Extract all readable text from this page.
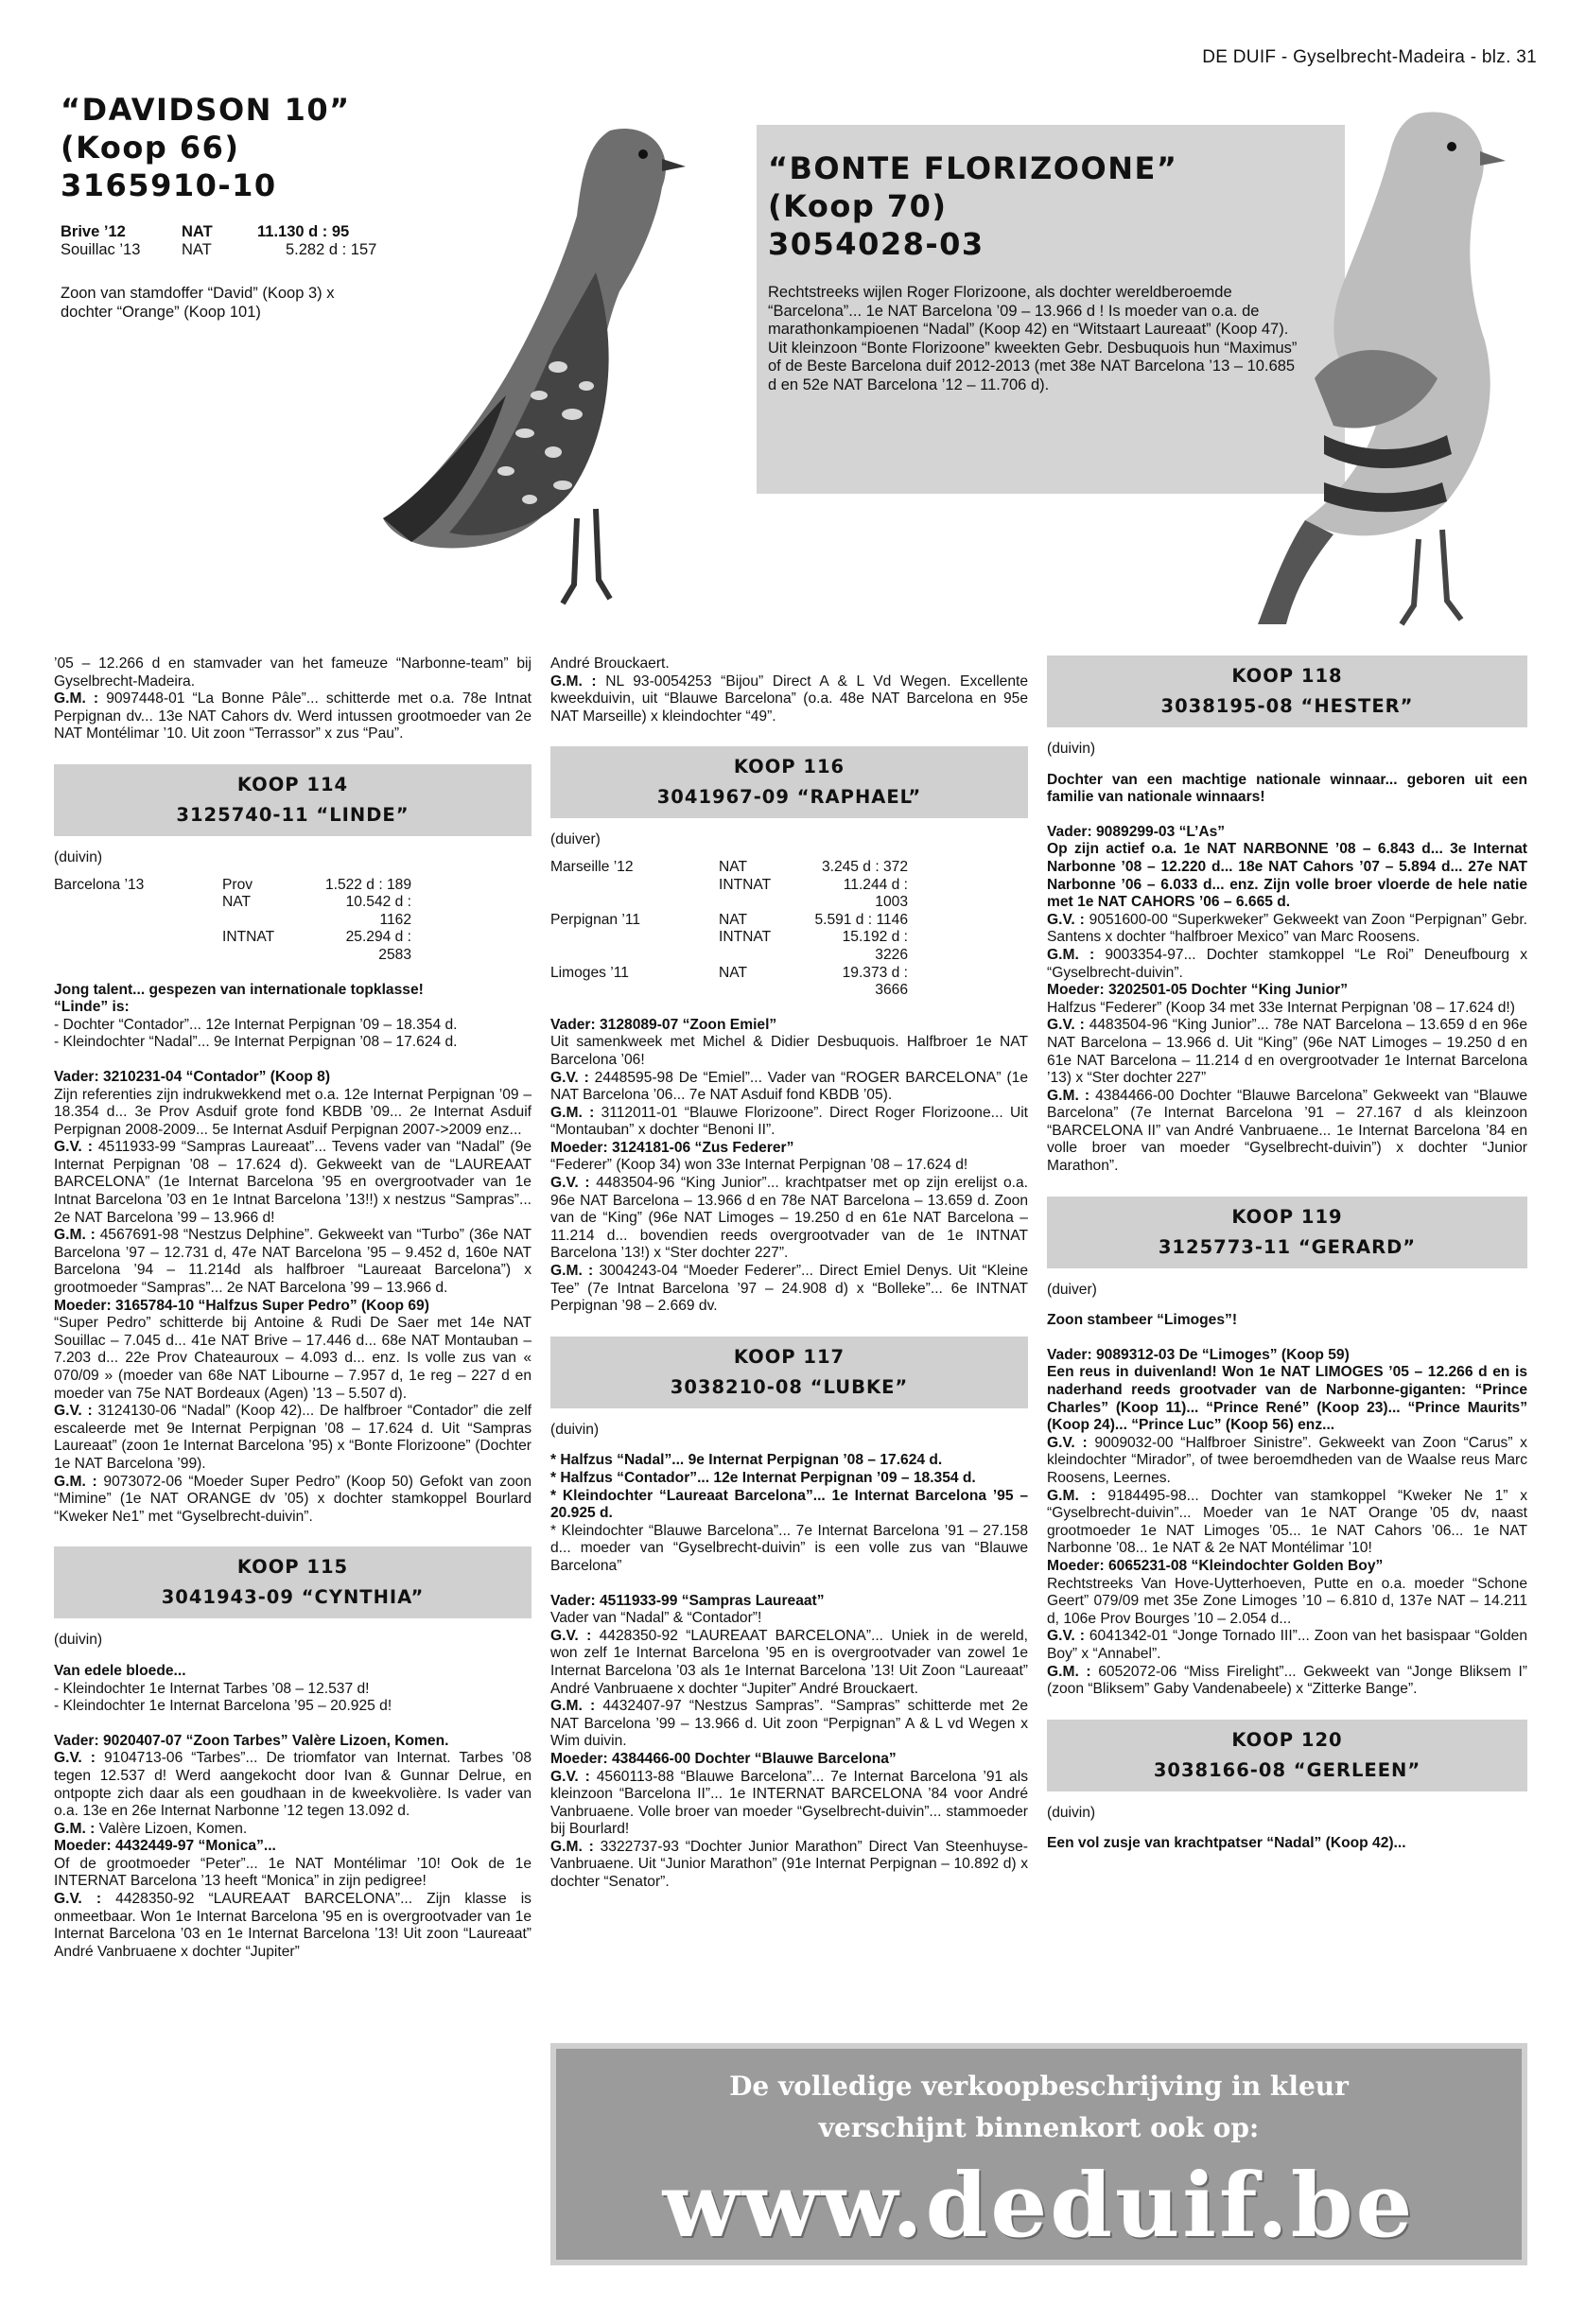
DE DUIF - Gyselbrecht-Madeira - blz. 31
“DAVIDSON 10”
(Koop 66)
3165910-10
Brive ’12	NAT	11.130 d : 95
Souillac ’13	NAT	5.282 d : 157
Zoon van stamdoffer “David” (Koop 3) x dochter “Orange” (Koop 101)
“BONTE FLORIZOONE”
(Koop 70)
3054028-03
Rechtstreeks wijlen Roger Florizoone, als dochter wereldberoemde “Barcelona”... 1e NAT Barcelona ’09 – 13.966 d ! Is moeder van o.a. de marathonkampioenen “Nadal” (Koop 42) en “Witstaart Laureaat” (Koop 47). Uit kleinzoon “Bonte Florizoone” kweekten Gebr. Desbuquois hun “Maximus” of de Beste Barcelona duif 2012-2013 (met 38e NAT Barcelona ’13 – 10.685 d en 52e NAT Barcelona ’12 – 11.706 d).

’05 – 12.266 d en stamvader van het fameuze “Narbonne-team” bij Gyselbrecht-Madeira.

G.M. : 9097448-01 “La Bonne Pâle”... schitterde met o.a. 78e Intnat Perpignan dv... 13e NAT Cahors dv. Werd intussen grootmoeder van 2e NAT Montélimar ’10. Uit zoon “Terrassor” x zus “Pau”.

KOOP 114
3125740-11 “LINDE”
(duivin)
Barcelona ’13	Prov	1.522 d : 189
	NAT	10.542 d : 1162
	INTNAT	25.294 d : 2583

Jong talent... gespezen van internationale topklasse!

“Linde” is:

- Dochter “Contador”... 12e Internat Perpignan ’09 – 18.354 d.

- Kleindochter “Nadal”... 9e Internat Perpignan ’08 – 17.624 d.

Vader: 3210231-04 “Contador” (Koop 8)

Zijn referenties zijn indrukwekkend met o.a. 12e Internat Perpignan ’09 – 18.354 d... 3e Prov Asduif grote fond KBDB ’09... 2e Internat Asduif Perpignan 2008-2009... 5e Internat Asduif Perpignan 2007->2009 enz...

G.V. : 4511933-99 “Sampras Laureaat”... Tevens vader van “Nadal” (9e Internat Perpignan ’08 – 17.624 d). Gekweekt van de “LAUREAAT BARCELONA” (1e Internat Barcelona ’95 en overgrootvader van 1e Intnat Barcelona ’03 en 1e Intnat Barcelona ’13!!) x nestzus “Sampras”... 2e NAT Barcelona ’99 – 13.966 d!

G.M. : 4567691-98 “Nestzus Delphine”. Gekweekt van “Turbo” (36e NAT Barcelona ’97 – 12.731 d, 47e NAT Barcelona ’95 – 9.452 d, 160e NAT Barcelona ’94 – 11.214d als halfbroer “Laureaat Barcelona”) x grootmoeder “Sampras”... 2e NAT Barcelona ’99 – 13.966 d.

Moeder: 3165784-10 “Halfzus Super Pedro” (Koop 69)

“Super Pedro” schitterde bij Antoine & Rudi De Saer met 14e NAT Souillac – 7.045 d... 41e NAT Brive – 17.446 d... 68e NAT Montauban – 7.203 d... 22e Prov Chateauroux – 4.093 d... enz. Is volle zus van « 070/09 » (moeder van 68e NAT Libourne – 7.957 d, 1e reg – 227 d en moeder van 75e NAT Bordeaux (Agen) ’13 – 5.507 d).

G.V. : 3124130-06 “Nadal” (Koop 42)... De halfbroer “Contador” die zelf escaleerde met 9e Internat Perpignan ’08 – 17.624 d. Uit “Sampras Laureaat” (zoon 1e Internat Barcelona ’95) x “Bonte Florizoone” (Dochter 1e NAT Barcelona ’99).

G.M. : 9073072-06 “Moeder Super Pedro” (Koop 50) Gefokt van zoon “Mimine” (1e NAT ORANGE dv ’05) x dochter stamkoppel Bourlard “Kweker Ne1” met “Gyselbrecht-duivin”.

KOOP 115
3041943-09 “CYNTHIA”
(duivin)

Van edele bloede...

- Kleindochter 1e Internat Tarbes ’08 – 12.537 d!

- Kleindochter 1e Internat Barcelona ’95 – 20.925 d!

Vader: 9020407-07 “Zoon Tarbes” Valère Lizoen, Komen.

G.V. : 9104713-06 “Tarbes”... De triomfator van Internat. Tarbes ’08 tegen 12.537 d! Werd aangekocht door Ivan & Gunnar Delrue, en ontpopte zich daar als een goudhaan in de kweekvolière. Is vader van o.a. 13e en 26e Internat Narbonne ’12 tegen 13.092 d.

G.M. : Valère Lizoen, Komen.

Moeder: 4432449-97 “Monica”...

Of de grootmoeder “Peter”... 1e NAT Montélimar ’10! Ook de 1e INTERNAT Barcelona ’13 heeft “Monica” in zijn pedigree!

G.V. : 4428350-92 “LAUREAAT BARCELONA”... Zijn klasse is onmeetbaar. Won 1e Internat Barcelona ’95 en is overgrootvader van 1e Internat Barcelona ’03 en 1e Internat Barcelona ’13! Uit zoon “Laureaat” André Vanbruaene x dochter “Jupiter”

André Brouckaert.

G.M. : NL 93-0054253 “Bijou” Direct A & L Vd Wegen. Excellente kweekduivin, uit “Blauwe Barcelona” (o.a. 48e NAT Barcelona en 95e NAT Marseille) x kleindochter “49”.

KOOP 116
3041967-09 “RAPHAEL”
(duiver)
Marseille ’12	NAT	3.245 d : 372
	INTNAT	11.244 d : 1003
Perpignan ’11	NAT	5.591 d : 1146
	INTNAT	15.192 d : 3226
Limoges ’11	NAT	19.373 d : 3666

Vader: 3128089-07 “Zoon Emiel”

Uit samenkweek met Michel & Didier Desbuquois. Halfbroer 1e NAT Barcelona ’06!

G.V. : 2448595-98 De “Emiel”... Vader van “ROGER BARCELONA” (1e NAT Barcelona ’06... 7e NAT Asduif fond KBDB ’05).

G.M. : 3112011-01 “Blauwe Florizoone”. Direct Roger Florizoone... Uit “Montauban” x dochter “Benoni II”.

Moeder: 3124181-06 “Zus Federer”

“Federer” (Koop 34) won 33e Internat Perpignan ’08 – 17.624 d!

G.V. : 4483504-96 “King Junior”... krachtpatser met op zijn erelijst o.a. 96e NAT Barcelona – 13.966 d en 78e NAT Barcelona – 13.659 d. Zoon van de “King” (96e NAT Limoges – 19.250 d en 61e NAT Barcelona – 11.214 d... bovendien reeds overgrootvader van de 1e INTNAT Barcelona ’13!) x “Ster dochter 227”.

G.M. : 3004243-04 “Moeder Federer”... Direct Emiel Denys. Uit “Kleine Tee” (7e Intnat Barcelona ’97 – 24.908 d) x “Bolleke”... 6e INTNAT Perpignan ’98 – 2.669 dv.

KOOP 117
3038210-08 “LUBKE”
(duivin)

* Halfzus “Nadal”... 9e Internat Perpignan ’08 – 17.624 d.

* Halfzus “Contador”... 12e Internat Perpignan ’09 – 18.354 d.

* Kleindochter “Laureaat Barcelona”... 1e Internat Barcelona ’95 – 20.925 d.

* Kleindochter “Blauwe Barcelona”... 7e Internat Barcelona ’91 – 27.158 d... moeder van “Gyselbrecht-duivin” is een volle zus van “Blauwe Barcelona”

Vader: 4511933-99 “Sampras Laureaat”

Vader van “Nadal” & “Contador”!

G.V. : 4428350-92 “LAUREAAT BARCELONA”... Uniek in de wereld, won zelf 1e Internat Barcelona ’95 en is overgrootvader van zowel 1e Internat Barcelona ’03 als 1e Internat Barcelona ’13! Uit Zoon “Laureaat” André Vanbruaene x dochter “Jupiter” André Brouckaert.

G.M. : 4432407-97 “Nestzus Sampras”. “Sampras” schitterde met 2e NAT Barcelona ’99 – 13.966 d. Uit zoon “Perpignan” A & L vd Wegen x Wim duivin.

Moeder: 4384466-00 Dochter “Blauwe Barcelona”

G.V. : 4560113-88 “Blauwe Barcelona”... 7e Internat Barcelona ’91 als kleinzoon “Barcelona II”... 1e INTERNAT BARCELONA ’84 voor André Vanbruaene. Volle broer van moeder “Gyselbrecht-duivin”... stammoeder bij Bourlard!

G.M. : 3322737-93 “Dochter Junior Marathon” Direct Van Steenhuyse-Vanbruaene. Uit “Junior Marathon” (91e Internat Perpignan – 10.892 d) x dochter “Senator”.

KOOP 118
3038195-08 “HESTER”
(duivin)

Dochter van een machtige nationale winnaar... geboren uit een familie van nationale winnaars!

Vader: 9089299-03 “L’As”

Op zijn actief o.a. 1e NAT NARBONNE ’08 – 6.843 d... 3e Internat Narbonne ’08 – 12.220 d... 18e NAT Cahors ’07 – 5.894 d... 27e NAT Narbonne ’06 – 6.033 d... enz. Zijn volle broer vloerde de hele natie met 1e NAT CAHORS ’06 – 6.665 d.

G.V. : 9051600-00 “Superkweker” Gekweekt van Zoon “Perpignan” Gebr. Santens x dochter “halfbroer Mexico” van Marc Roosens.

G.M. : 9003354-97... Dochter stamkoppel “Le Roi” Deneufbourg x “Gyselbrecht-duivin”.

Moeder: 3202501-05 Dochter “King Junior”

Halfzus “Federer” (Koop 34 met 33e Internat Perpignan ’08 – 17.624 d!)

G.V. : 4483504-96 “King Junior”... 78e NAT Barcelona – 13.659 d en 96e NAT Barcelona – 13.966 d. Uit “King” (96e NAT Limoges – 19.250 d en 61e NAT Barcelona – 11.214 d en overgrootvader 1e Internat Barcelona ’13) x “Ster dochter 227”

G.M. : 4384466-00 Dochter “Blauwe Barcelona” Gekweekt van “Blauwe Barcelona” (7e Internat Barcelona ’91 – 27.167 d als kleinzoon “BARCELONA II” van André Vanbruaene... 1e Internat Barcelona ’84 en volle broer van moeder “Gyselbrecht-duivin”) x dochter “Junior Marathon”.

KOOP 119
3125773-11 “GERARD”
(duiver)

Zoon stambeer “Limoges”!

Vader: 9089312-03 De “Limoges” (Koop 59)

Een reus in duivenland! Won 1e NAT LIMOGES ’05 – 12.266 d en is naderhand reeds grootvader van de Narbonne-giganten: “Prince Charles” (Koop 11)... “Prince René” (Koop 23)... “Prince Maurits” (Koop 24)... “Prince Luc” (Koop 56) enz...

G.V. : 9009032-00 “Halfbroer Sinistre”. Gekweekt van Zoon “Carus” x kleindochter “Mirador”, of twee beroemdheden van de Waalse reus Marc Roosens, Leernes.

G.M. : 9184495-98... Dochter van stamkoppel “Kweker Ne 1” x “Gyselbrecht-duivin”... Moeder van 1e NAT Orange ’05 dv, naast grootmoeder 1e NAT Limoges ’05... 1e NAT Cahors ’06... 1e NAT Narbonne ’08... 1e NAT & 2e NAT Montélimar ’10!

Moeder: 6065231-08 “Kleindochter Golden Boy”

Rechtstreeks Van Hove-Uytterhoeven, Putte en o.a. moeder “Schone Geert” 079/09 met 35e Zone Limoges ’10 – 6.810 d, 137e NAT – 14.211 d, 106e Prov Bourges ’10 – 2.054 d...

G.V. : 6041342-01 “Jonge Tornado III”... Zoon van het basispaar “Golden Boy” x “Annabel”.

G.M. : 6052072-06 “Miss Firelight”... Gekweekt van “Jonge Bliksem I” (zoon “Bliksem” Gaby Vandenabeele) x “Zitterke Bange”.

KOOP 120
3038166-08 “GERLEEN”
(duivin)

Een vol zusje van krachtpatser “Nadal” (Koop 42)...

De volledige verkoopbeschrijving in kleur
verschijnt binnenkort ook op:
www.deduif.be
